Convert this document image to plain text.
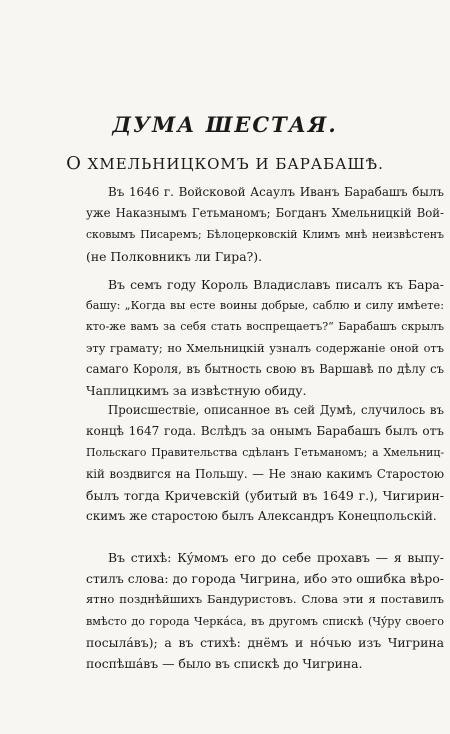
ДУМА ШЕСТАЯ.
О ХМЕЛЬНИЦКОМЪ И БАРАБАШѢ.
Въ 1646 г. Войсковой Асаулъ Иванъ Барабашъ былъ
уже Наказнымъ Гетьманомъ; Богданъ Хмельницкій Вой-
сковымъ Писаремъ; Бѣлоцерковскій Климъ мнѣ неизвѣстенъ
(не Полковникъ ли Гира?).
Въ семъ году Король Владиславъ писалъ къ Бара-
башу: „Когда вы есте воины добрые, саблю и силу имѣете:
кто-же вамъ за себя стать воспрещаетъ?“ Барабашъ скрылъ
эту грамату; но Хмельницкій узналъ содержаніе оной отъ
самаго Короля, въ бытность свою въ Варшавѣ по дѣлу съ
Чаплицкимъ за извѣстную обиду.
Происшествіе, описанное въ сей Думѣ, случилось въ
концѣ 1647 года. Вслѣдъ за онымъ Барабашъ былъ отъ
Польскаго Правительства сдѣланъ Гетьманомъ; а Хмельниц-
кій воздвигся на Польшу. — Не знаю какимъ Старостою
былъ тогда Кричевскій (убитый въ 1649 г.), Чигирин-
скимъ же старостою былъ Александръ Конецпольскій.
Въ стихѣ: Кýмомъ его до себе прохавъ — я выпу-
стилъ слова: до города Чигрина, ибо это ошибка вѣро-
ятно позднѣйшихъ Бандуристовъ. Слова эти я поставилъ
вмѣсто до города Черкáса, въ другомъ спискѣ (Чýру своего
посылáвъ); а въ стихѣ: днёмъ и нóчью изъ Чигрина
поспѣшáвъ — было въ спискѣ до Чигрина.
